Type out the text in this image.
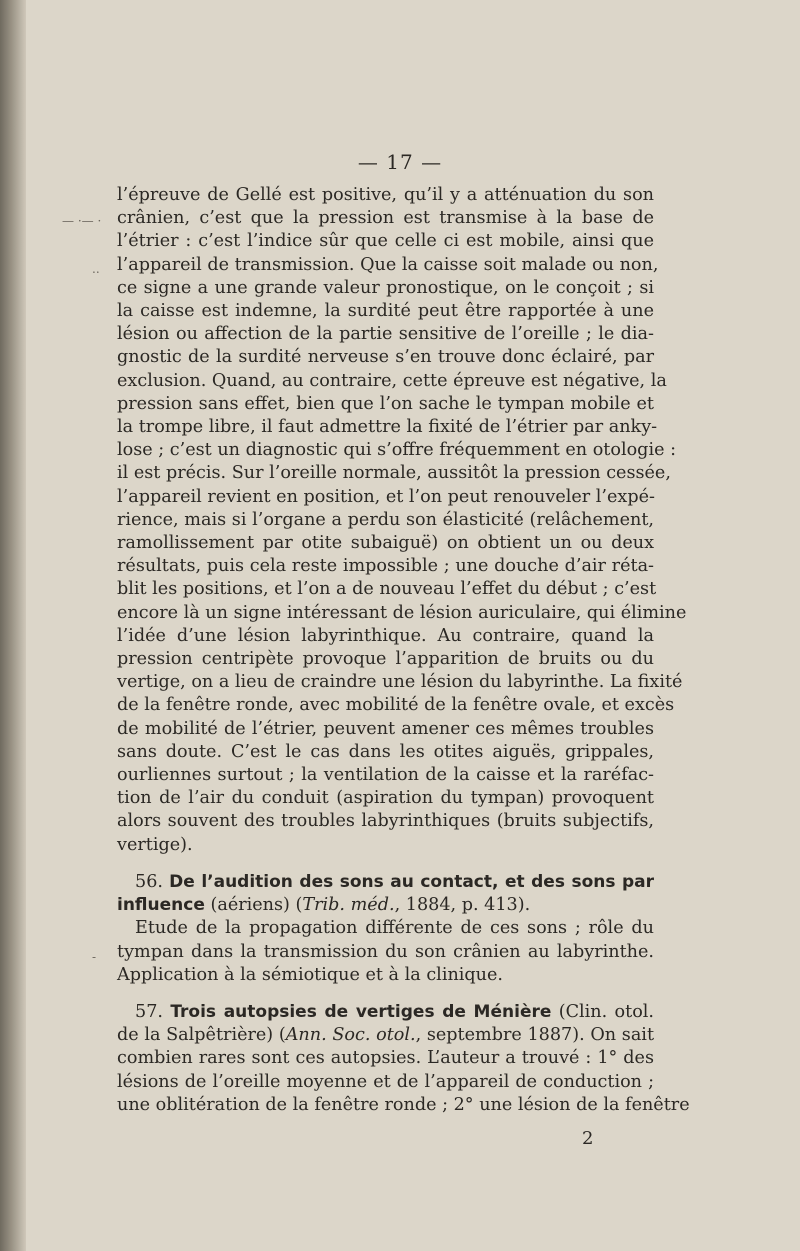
— ·— ·
..
-
— 17 —
l’épreuve de Gellé est positive, qu’il y a atténuation du son
crânien, c’est que la pression est transmise à la base de
l’étrier : c’est l’indice sûr que celle ci est mobile, ainsi que
l’appareil de transmission. Que la caisse soit malade ou non,
ce signe a une grande valeur pronostique, on le conçoit ; si
la caisse est indemne, la surdité peut être rapportée à une
lésion ou affection de la partie sensitive de l’oreille ; le dia-
gnostic de la surdité nerveuse s’en trouve donc éclairé, par
exclusion. Quand, au contraire, cette épreuve est négative, la
pression sans effet, bien que l’on sache le tympan mobile et
la trompe libre, il faut admettre la fixité de l’étrier par anky-
lose ; c’est un diagnostic qui s’offre fréquemment en otologie :
il est précis. Sur l’oreille normale, aussitôt la pression cessée,
l’appareil revient en position, et l’on peut renouveler l’expé-
rience, mais si l’organe a perdu son élasticité (relâchement,
ramollissement par otite subaiguë) on obtient un ou deux
résultats, puis cela reste impossible ; une douche d’air réta-
blit les positions, et l’on a de nouveau l’effet du début ; c’est
encore là un signe intéressant de lésion auriculaire, qui élimine
l’idée d’une lésion labyrinthique. Au contraire, quand la
pression centripète provoque l’apparition de bruits ou du
vertige, on a lieu de craindre une lésion du labyrinthe. La fixité
de la fenêtre ronde, avec mobilité de la fenêtre ovale, et excès
de mobilité de l’étrier, peuvent amener ces mêmes troubles
sans doute. C’est le cas dans les otites aiguës, grippales,
ourliennes surtout ; la ventilation de la caisse et la raréfac-
tion de l’air du conduit (aspiration du tympan) provoquent
alors souvent des troubles labyrinthiques (bruits subjectifs,
vertige).
56. De l’audition des sons au contact, et des sons par
influence (aériens) (Trib. méd., 1884, p. 413).
Etude de la propagation différente de ces sons ; rôle du
tympan dans la transmission du son crânien au labyrinthe.
Application à la sémiotique et à la clinique.
57. Trois autopsies de vertiges de Ménière (Clin. otol.
de la Salpêtrière) (Ann. Soc. otol., septembre 1887). On sait
combien rares sont ces autopsies. L’auteur a trouvé : 1° des
lésions de l’oreille moyenne et de l’appareil de conduction ;
une oblitération de la fenêtre ronde ; 2° une lésion de la fenêtre
2
